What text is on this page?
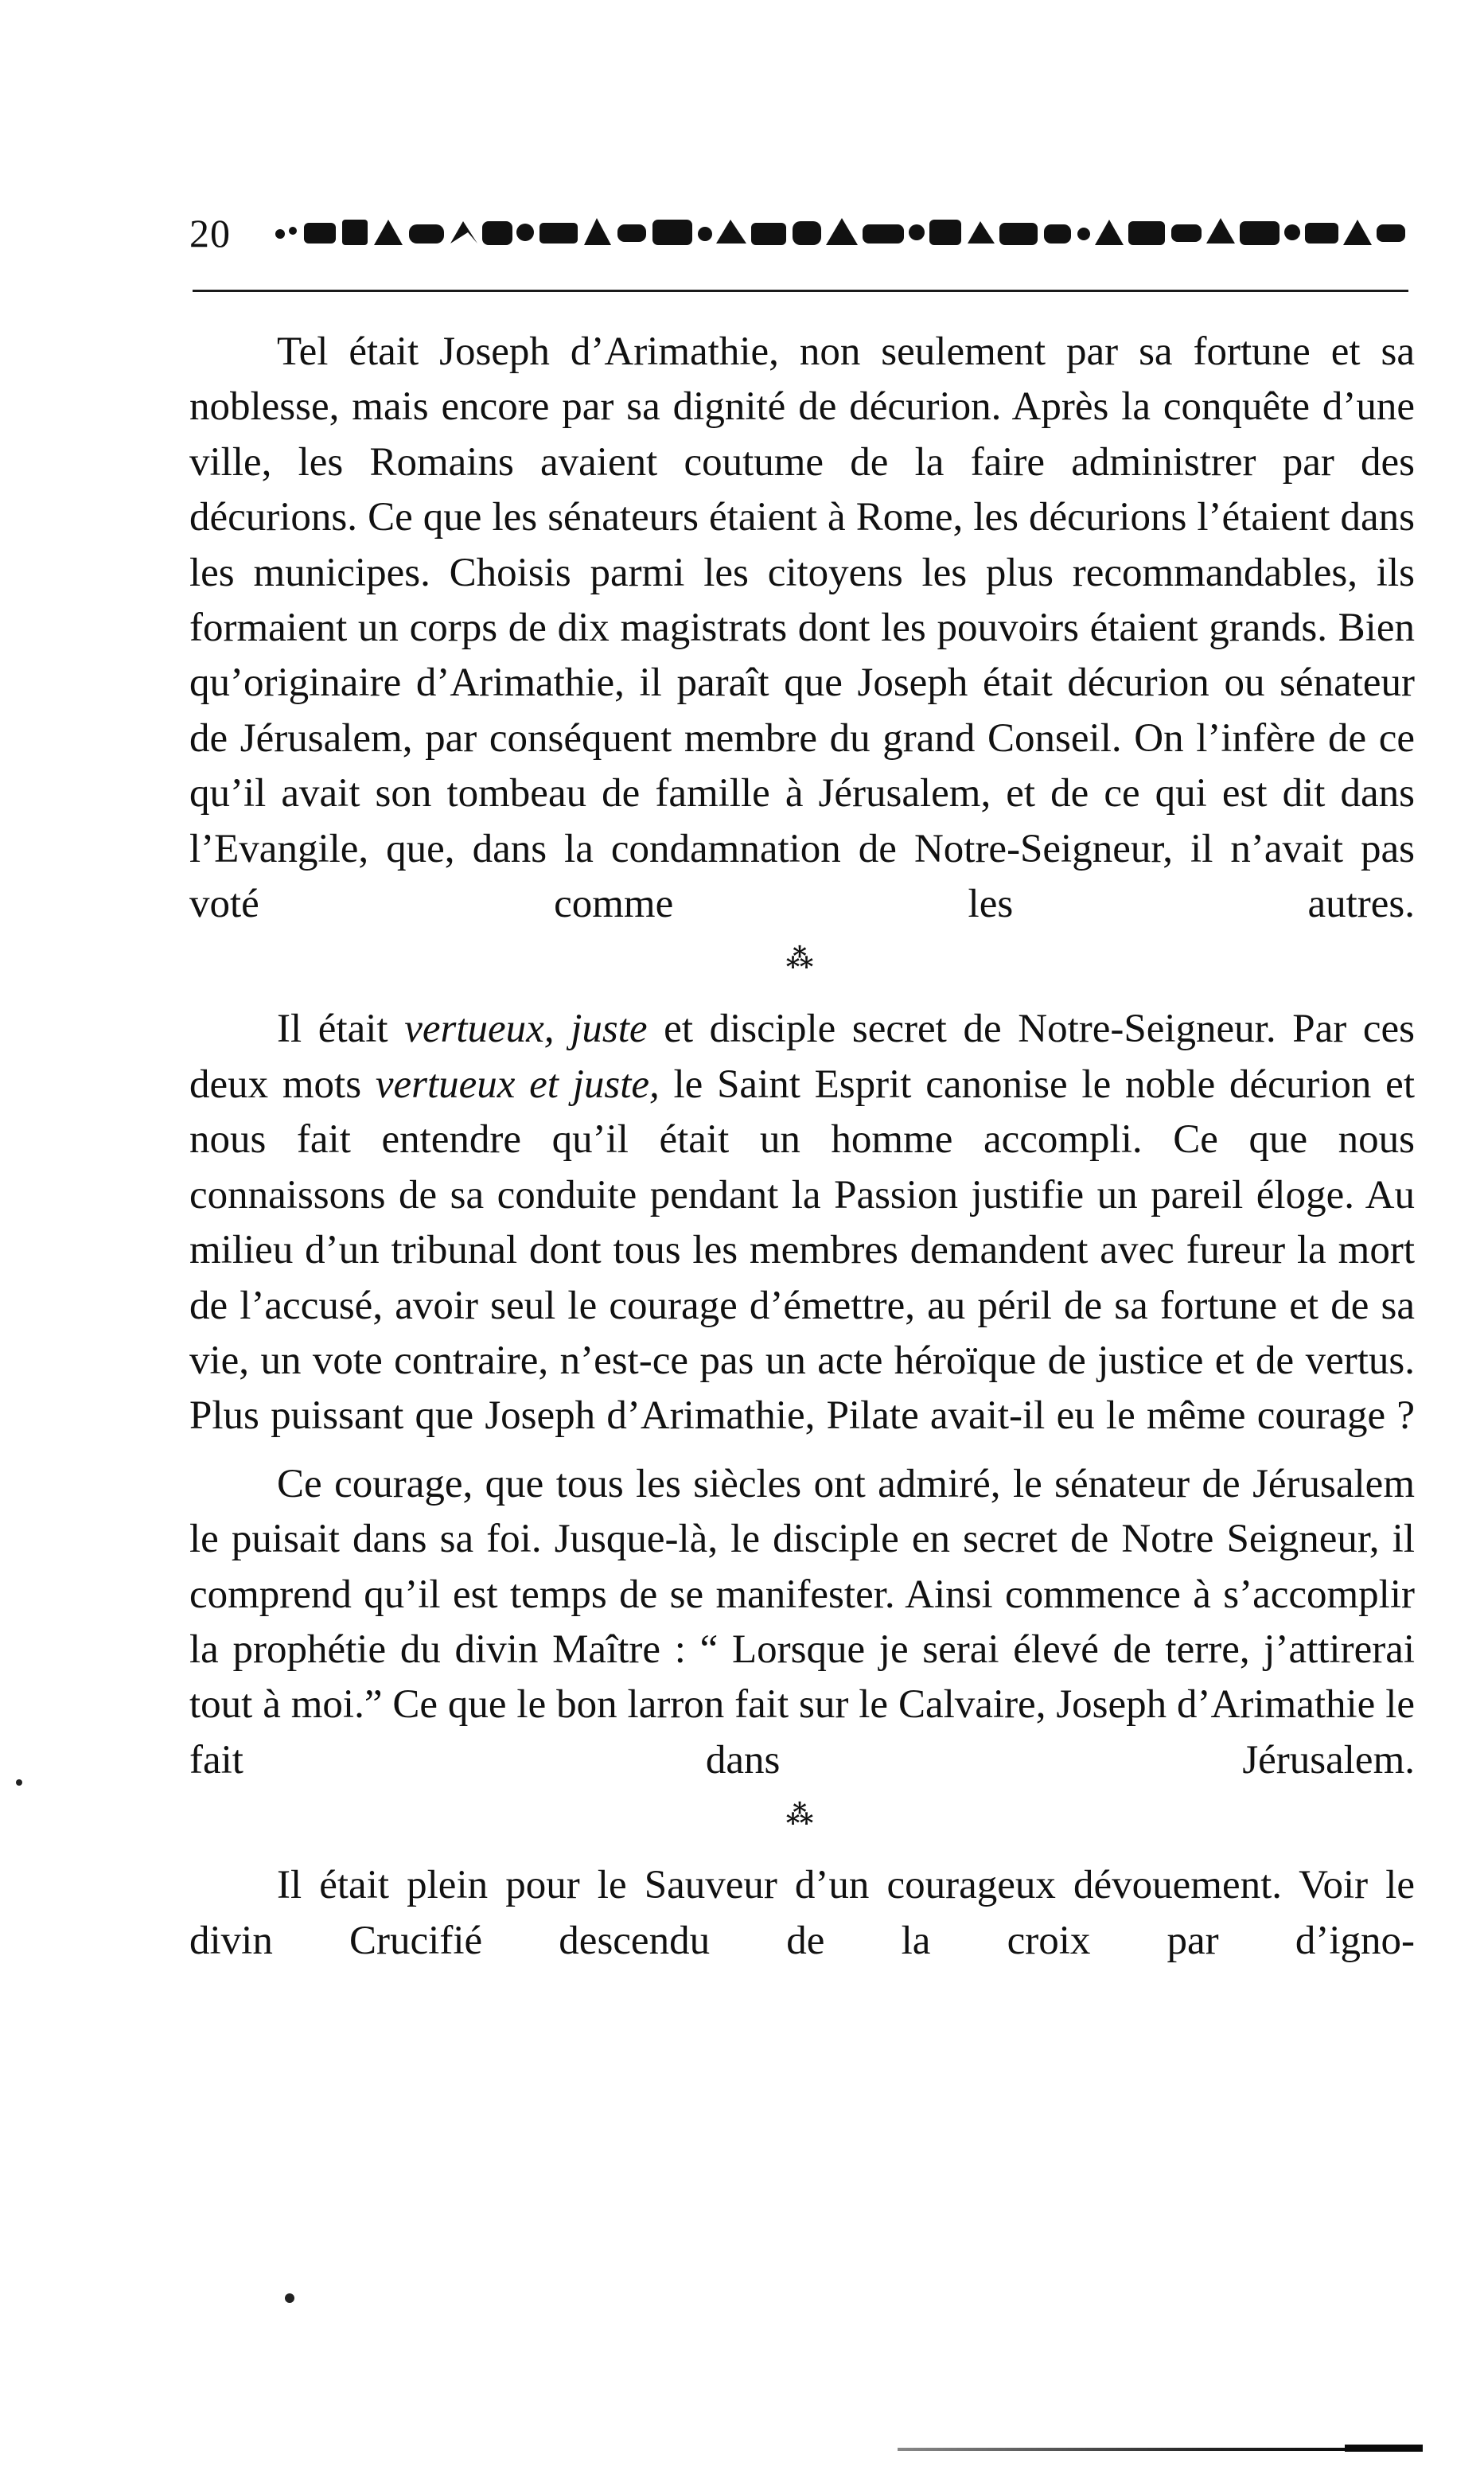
20

Tel était Joseph d’Arimathie, non seulement par sa fortune et sa noblesse, mais encore par sa dignité de décurion. Après la conquête d’une ville, les Romains avaient coutume de la faire administrer par des décurions. Ce que les sénateurs étaient à Rome, les décurions l’étaient dans les municipes. Choisis parmi les citoyens les plus recommandables, ils formaient un corps de dix magistrats dont les pouvoirs étaient grands. Bien qu’originaire d’Arimathie, il paraît que Joseph était décurion ou sénateur de Jérusalem, par conséquent membre du grand Conseil. On l’infère de ce qu’il avait son tombeau de famille à Jérusalem, et de ce qui est dit dans l’Evangile, que, dans la condamnation de Notre-Seigneur, il n’avait pas voté comme les autres.

⁂

Il était vertueux, juste et disciple secret de Notre-Seigneur. Par ces deux mots vertueux et juste, le Saint Esprit canonise le noble décurion et nous fait entendre qu’il était un homme accompli. Ce que nous connaissons de sa conduite pendant la Passion justifie un pareil éloge. Au milieu d’un tribunal dont tous les membres demandent avec fureur la mort de l’accusé, avoir seul le courage d’émettre, au péril de sa fortune et de sa vie, un vote contraire, n’est-ce pas un acte héroïque de justice et de vertus. Plus puissant que Joseph d’Arimathie, Pilate avait-il eu le même courage ?

Ce courage, que tous les siècles ont admiré, le sénateur de Jérusalem le puisait dans sa foi. Jusque-là, le disciple en secret de Notre Seigneur, il comprend qu’il est temps de se manifester. Ainsi commence à s’accomplir la prophétie du divin Maître : “ Lorsque je serai élevé de terre, j’attirerai tout à moi.” Ce que le bon larron fait sur le Calvaire, Joseph d’Arimathie le fait dans Jérusalem.

⁂

Il était plein pour le Sauveur d’un courageux dévouement. Voir le divin Crucifié descendu de la croix par d’igno-
